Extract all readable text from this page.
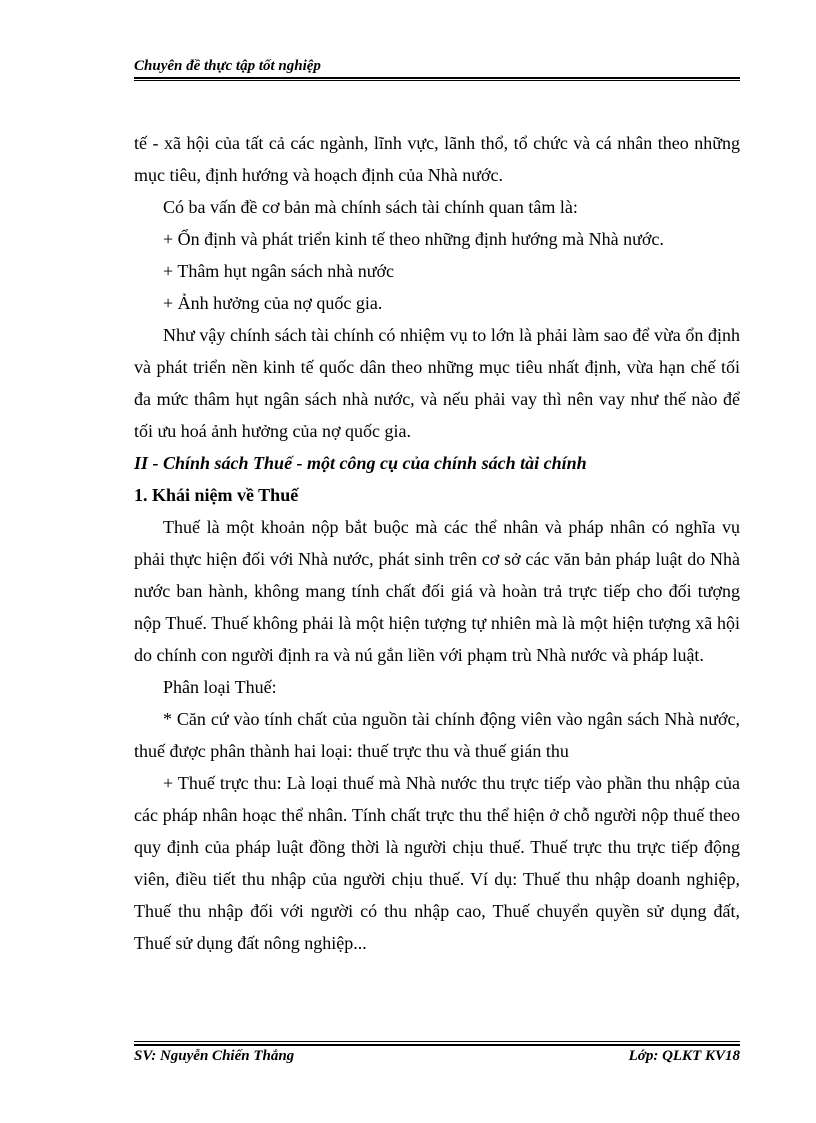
Chuyên đề thực tập tốt nghiệp

tế - xã hội của tất cả các ngành, lĩnh vực, lãnh thổ, tổ chức và cá nhân theo những mục tiêu, định hướng và hoạch định của Nhà nước.

Có ba vấn đề cơ bản mà chính sách tài chính quan tâm là:

+ Ổn định và phát triển kinh tế theo những định hướng mà Nhà nước.

+ Thâm hụt ngân sách nhà nước

+ Ảnh hưởng của nợ quốc gia.

Như vậy chính sách tài chính có nhiệm vụ to lớn là phải làm sao để vừa ổn định và phát triển nền kinh tế quốc dân theo những mục tiêu nhất định, vừa hạn chế tối đa mức thâm hụt ngân sách nhà nước, và nếu phải vay thì nên vay như thế nào để tối ưu hoá ảnh hưởng của nợ quốc gia.

II - Chính sách Thuế - một công cụ của chính sách tài chính

1. Khái niệm về Thuế

Thuế là một khoản nộp bắt buộc mà các thể nhân và pháp nhân có nghĩa vụ phải thực hiện đối với Nhà nước, phát sinh trên cơ sở các văn bản pháp luật do Nhà nước ban hành, không mang tính chất đối giá và hoàn trả trực tiếp cho đối tượng nộp Thuế. Thuế không phải là một hiện tượng tự nhiên mà là một hiện tượng xã hội do chính con người định ra và nú gắn liền với phạm trù Nhà nước và pháp luật.

Phân loại Thuế:

* Căn cứ vào tính chất của nguồn tài chính động viên vào ngân sách Nhà nước, thuế được phân thành hai loại: thuế trực thu và thuế gián thu

+ Thuế trực thu: Là loại thuế mà Nhà nước thu trực tiếp vào phần thu nhập của các pháp nhân hoạc thể nhân. Tính chất trực thu thể hiện ở chỗ người nộp thuế theo quy định của pháp luật đồng thời là người chịu thuế. Thuế trực thu trực tiếp động viên, điều tiết thu nhập của người chịu thuế. Ví dụ: Thuế thu nhập doanh nghiệp, Thuế thu nhập đối với người có thu nhập cao, Thuế chuyển quyền sử dụng đất, Thuế sử dụng đất nông nghiệp...

SV: Nguyễn Chiến Thắng	Lớp: QLKT KV18
